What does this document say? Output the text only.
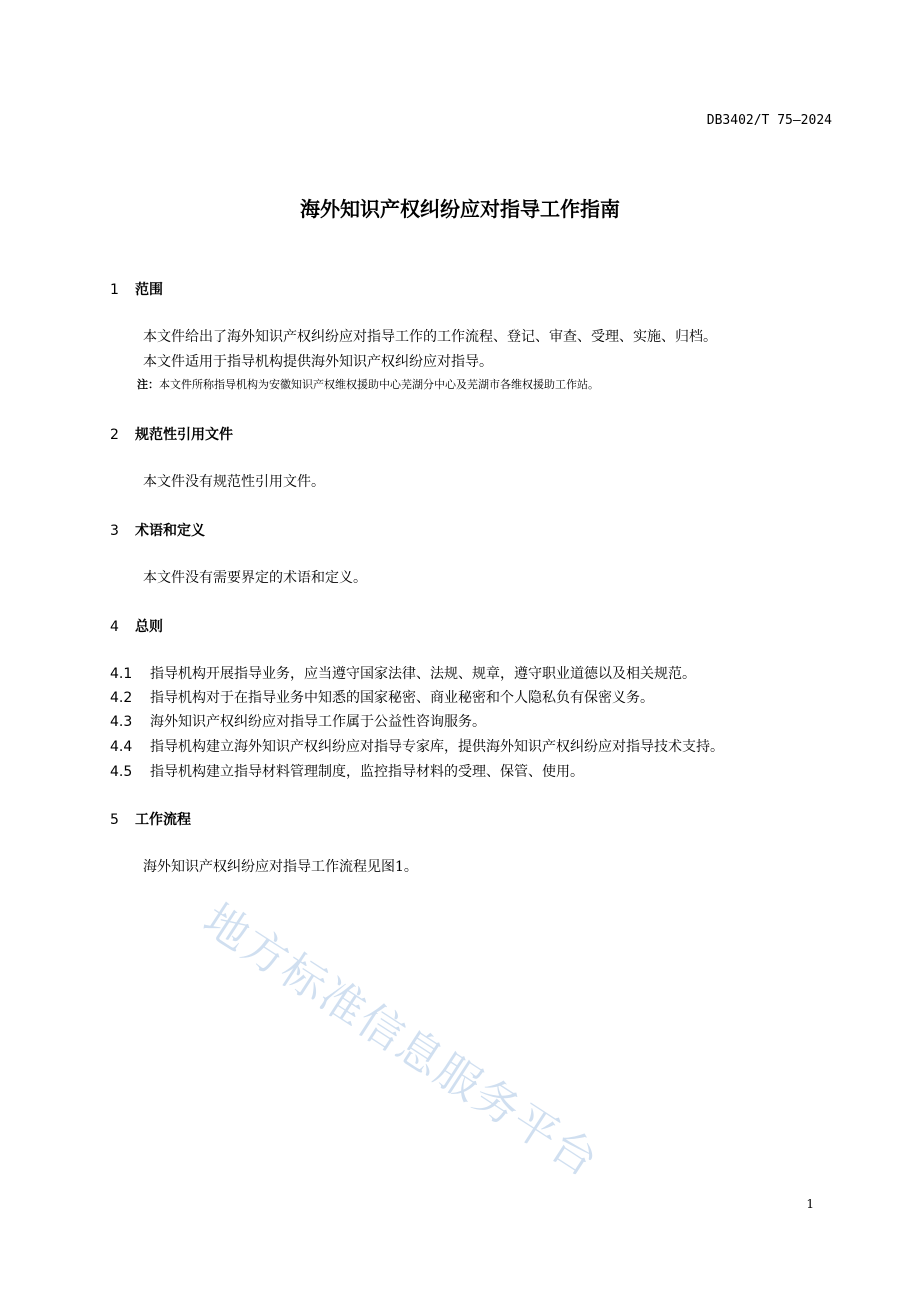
DB3402/T 75—2024
海外知识产权纠纷应对指导工作指南
1 范围
本文件给出了海外知识产权纠纷应对指导工作的工作流程、登记、审查、受理、实施、归档。
本文件适用于指导机构提供海外知识产权纠纷应对指导。
注：本文件所称指导机构为安徽知识产权维权援助中心芜湖分中心及芜湖市各维权援助工作站。
2 规范性引用文件
本文件没有规范性引用文件。
3 术语和定义
本文件没有需要界定的术语和定义。
4 总则
4.1 指导机构开展指导业务，应当遵守国家法律、法规、规章，遵守职业道德以及相关规范。
4.2 指导机构对于在指导业务中知悉的国家秘密、商业秘密和个人隐私负有保密义务。
4.3 海外知识产权纠纷应对指导工作属于公益性咨询服务。
4.4 指导机构建立海外知识产权纠纷应对指导专家库，提供海外知识产权纠纷应对指导技术支持。
4.5 指导机构建立指导材料管理制度，监控指导材料的受理、保管、使用。
5 工作流程
海外知识产权纠纷应对指导工作流程见图1。
地方标准信息服务平台
1
